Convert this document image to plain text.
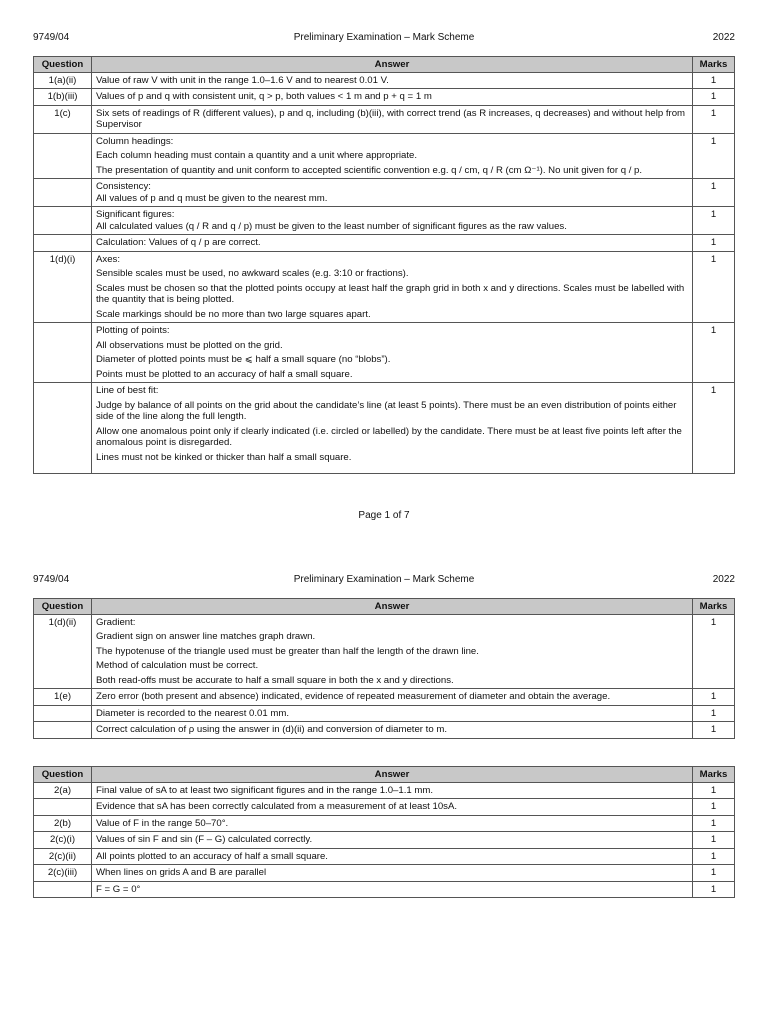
9749/04	Preliminary Examination – Mark Scheme	2022
Question	Answer	Marks
1(a)(ii)	Value of raw V with unit in the range 1.0–1.6 V and to nearest 0.01 V.	1
1(b)(iii)	Values of p and q with consistent unit, q > p, both values < 1 m and p + q = 1 m	1
1(c)	Six sets of readings of R (different values), p and q, including (b)(iii), with correct trend (as R increases, q decreases) and without help from Supervisor	1

	Column headings:
Each column heading must contain a quantity and a unit where appropriate.
The presentation of quantity and unit conform to accepted scientific convention e.g. q / cm, q / R (cm Ω⁻¹). No unit given for q / p.	1

	Consistency:
All values of p and q must be given to the nearest mm.	1

	Significant figures:
All calculated values (q / R and q / p) must be given to the least number of significant figures as the raw values.	1

	Calculation: Values of q / p are correct.	1
1(d)(i)	Axes:
Sensible scales must be used, no awkward scales (e.g. 3:10 or fractions).
Scales must be chosen so that the plotted points occupy at least half the graph grid in both x and y directions. Scales must be labelled with the quantity that is being plotted.
Scale markings should be no more than two large squares apart.	1

	Plotting of points:
All observations must be plotted on the grid.
Diameter of plotted points must be ⩽ half a small square (no “blobs”).
Points must be plotted to an accuracy of half a small square.	1

	Line of best fit:
Judge by balance of all points on the grid about the candidate’s line (at least 5 points). There must be an even distribution of points either side of the line along the full length.
Allow one anomalous point only if clearly indicated (i.e. circled or labelled) by the candidate. There must be at least five points left after the anomalous point is disregarded.
Lines must not be kinked or thicker than half a small square.	1
Page 1 of 7
9749/04	Preliminary Examination – Mark Scheme	2022
Question	Answer	Marks
1(d)(ii)	Gradient:
Gradient sign on answer line matches graph drawn.
The hypotenuse of the triangle used must be greater than half the length of the drawn line.
Method of calculation must be correct.
Both read-offs must be accurate to half a small square in both the x and y directions.	1
1(e)	Zero error (both present and absence) indicated, evidence of repeated measurement of diameter and obtain the average.	1

	Diameter is recorded to the nearest 0.01 mm.	1

	Correct calculation of ρ using the answer in (d)(ii) and conversion of diameter to m.	1
Question	Answer	Marks
2(a)	Final value of sA to at least two significant figures and in the range 1.0–1.1 mm.	1

	Evidence that sA has been correctly calculated from a measurement of at least 10sA.	1
2(b)	Value of F in the range 50–70°.	1
2(c)(i)	Values of sin F and sin (F – G) calculated correctly.	1
2(c)(ii)	All points plotted to an accuracy of half a small square.	1
2(c)(iii)	When lines on grids A and B are parallel	1

	F = G = 0°	1
